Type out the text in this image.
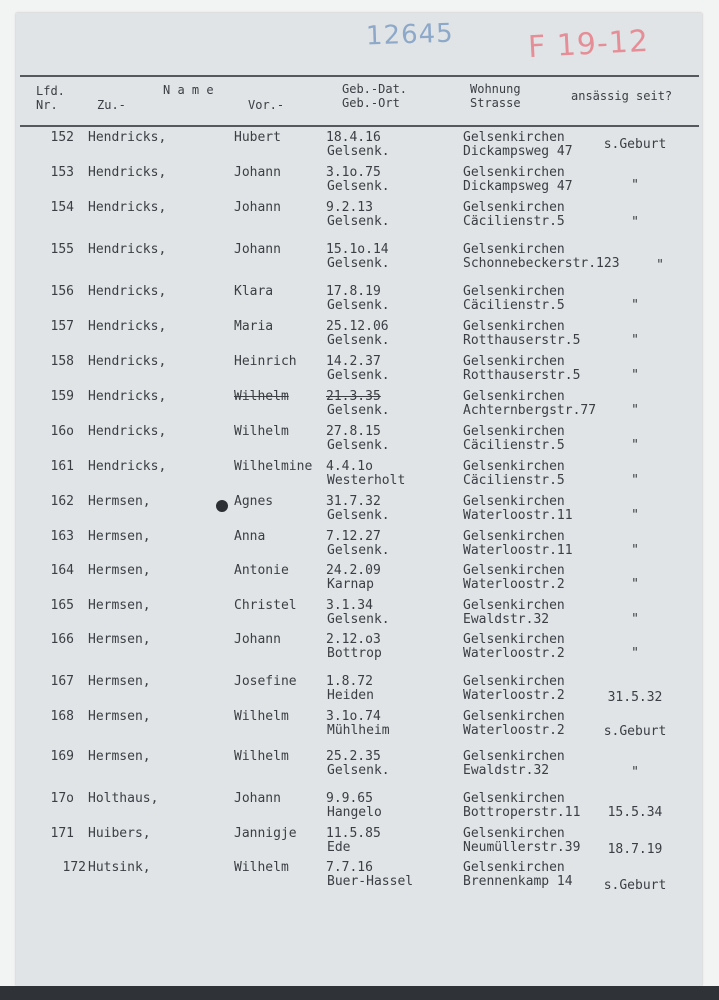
12645 F 19-12
Lfd.
Nr.
N a m e
Zu.-	Vor.-
Geb.-Dat.
Geb.-Ort
Wohnung
Strasse	ansässig seit?
152 Hendricks,	Hubert	18.4.16
Gelsenk.
Gelsenkirchen
Dickampsweg 47	s.Geburt
153 Hendricks,	Johann	3.1o.75
Gelsenk.
Gelsenkirchen
Dickampsweg 47	"
154 Hendricks,	Johann	9.2.13
Gelsenk.
Gelsenkirchen
Cäcilienstr.5	"
155 Hendricks,	Johann	15.1o.14
Gelsenk.
Gelsenkirchen
Schonnebeckerstr.123	"
156 Hendricks,	Klara	17.8.19
Gelsenk.
Gelsenkirchen
Cäcilienstr.5	"
157 Hendricks,	Maria	25.12.06
Gelsenk.
Gelsenkirchen
Rotthauserstr.5	"
158 Hendricks,	Heinrich 14.2.37
Gelsenk.
Gelsenkirchen
Rotthauserstr.5	"
159 Hendricks,	Wilhelm	21.3.35
Gelsenk.
Gelsenkirchen
Achternbergstr.77	"
16o Hendricks,	Wilhelm	27.8.15
Gelsenk.
Gelsenkirchen
Cäcilienstr.5	"
161 Hendricks,	Wilhelmine 4.4.1o
Westerholt
Gelsenkirchen
Cäcilienstr.5	"
162 Hermsen,	Agnes	31.7.32
Gelsenk.
Gelsenkirchen
Waterloostr.11	"
163 Hermsen,	Anna	7.12.27
Gelsenk.
Gelsenkirchen
Waterloostr.11	"
164 Hermsen,	Antonie	24.2.09
Karnap
Gelsenkirchen
Waterloostr.2	"
165 Hermsen,	Christel 3.1.34
Gelsenk.
Gelsenkirchen
Ewaldstr.32	"
166 Hermsen,	Johann	2.12.o3
Bottrop
Gelsenkirchen
Waterloostr.2	"
167 Hermsen,	Josefine 1.8.72
Heiden
Gelsenkirchen
Waterloostr.2	31.5.32
168 Hermsen,	Wilhelm	3.1o.74
Mühlheim
Gelsenkirchen
Waterloostr.2	s.Geburt
169 Hermsen,	Wilhelm	25.2.35
Gelsenk.
Gelsenkirchen
Ewaldstr.32	"
17o Holthaus,	Johann	9.9.65
Hangelo
Gelsenkirchen
Bottroperstr.11	15.5.34
171 Huibers,	Jannigje 11.5.85
Ede
Gelsenkirchen
Neumüllerstr.39	18.7.19
172 Hutsink,	Wilhelm	7.7.16
Buer-Hassel
Gelsenkirchen
Brennenkamp 14	s.Geburt
